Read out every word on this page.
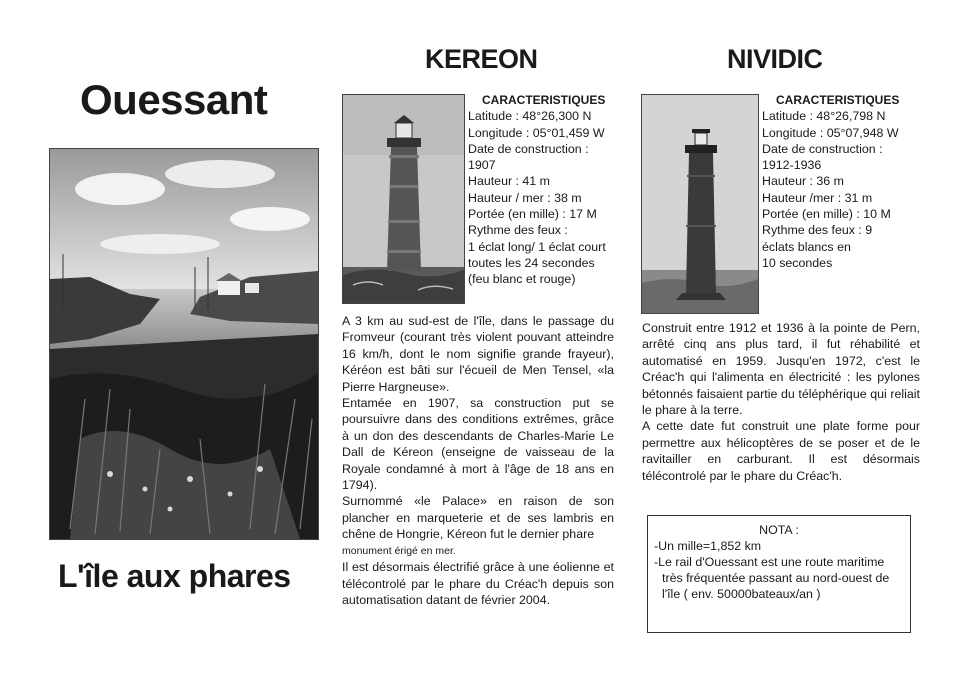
Ouessant
L'île aux phares
KEREON
CARACTERISTIQUES
Latitude : 48°26,300 N
Longitude : 05°01,459 W
Date de construction :
1907
Hauteur : 41 m
Hauteur / mer : 38 m
Portée (en mille) : 17 M
Rythme des feux :
1 éclat long/ 1 éclat court
toutes les 24 secondes
(feu blanc et rouge)

A 3 km au sud-est de l'île, dans le passage du Fromveur (courant très violent pouvant atteindre 16 km/h, dont le nom signifie grande frayeur), Kéréon est bâti sur l'écueil de Men Tensel, «la Pierre Hargneuse».

Entamée en 1907, sa construction put se poursuivre dans des conditions extrêmes, grâce à un don des descendants de Charles-Marie Le Dall de Kéreon (enseigne de vaisseau de la Royale condamné à mort à l'âge de 18 ans en 1794).

Surnommé «le Palace» en raison de son plancher en marqueterie et de ses lambris en chêne de Hongrie, Kéreon fut le dernier phare

monument érigé en mer.

Il est désormais électrifié grâce à une éolienne et télécontrolé par le phare du Créac'h depuis son automatisation datant de février 2004.

NIVIDIC
CARACTERISTIQUES
Latitude : 48°26,798 N
Longitude : 05°07,948 W
Date de construction :
1912-1936
Hauteur : 36 m
Hauteur /mer : 31 m
Portée (en mille) : 10 M
Rythme des feux : 9
éclats blancs en
10 secondes

Construit entre 1912 et 1936 à la pointe de Pern, arrêté cinq ans plus tard, il fut réhabilité et automatisé en 1959. Jusqu'en 1972, c'est le Créac'h qui l'alimenta en électricité : les pylones bétonnés faisaient partie du téléphérique qui reliait le phare à la terre.

A cette date fut construit une plate forme pour permettre aux hélicoptères de se poser et de le ravitailler en carburant. Il est désormais télécontrolé par le phare du Créac'h.

NOTA :
-Un mille=1,852 km
-Le rail d'Ouessant est une route maritime très fréquentée passant au nord-ouest de l'île ( env. 50000bateaux/an )
